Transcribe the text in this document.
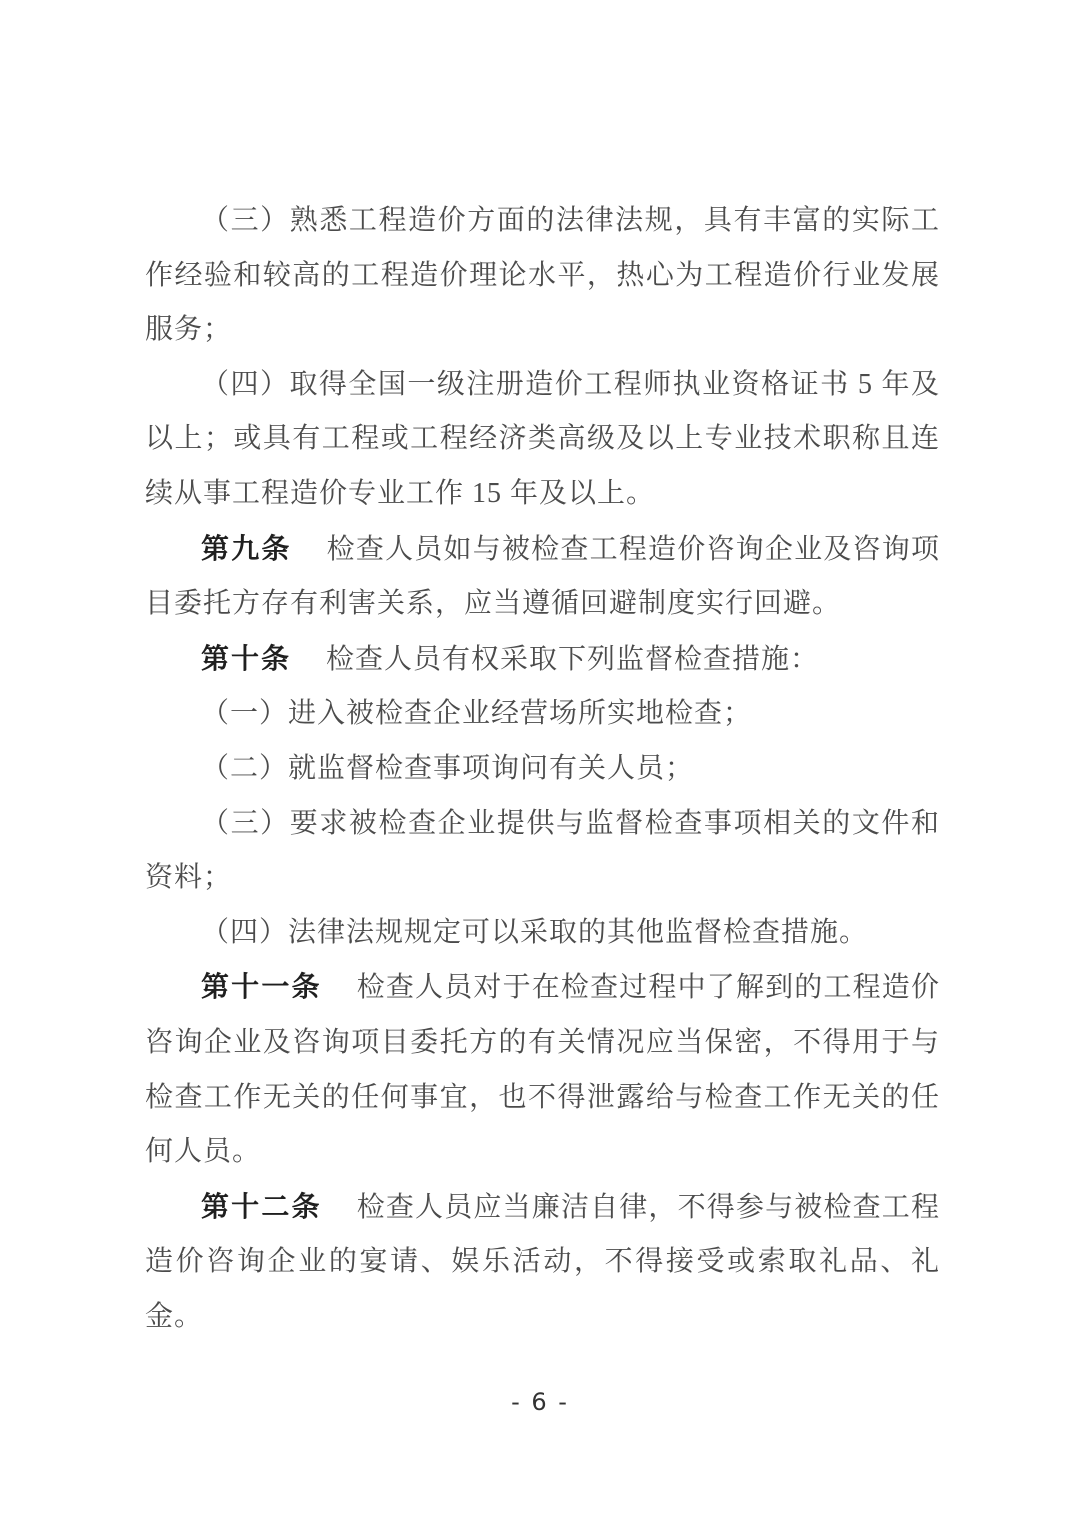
（三）熟悉工程造价方面的法律法规，具有丰富的实际工作经验和较高的工程造价理论水平，热心为工程造价行业发展服务；

（四）取得全国一级注册造价工程师执业资格证书 5 年及以上；或具有工程或工程经济类高级及以上专业技术职称且连续从事工程造价专业工作 15 年及以上。

第九条 检查人员如与被检查工程造价咨询企业及咨询项目委托方存有利害关系，应当遵循回避制度实行回避。

第十条 检查人员有权采取下列监督检查措施：

（一）进入被检查企业经营场所实地检查；

（二）就监督检查事项询问有关人员；

（三）要求被检查企业提供与监督检查事项相关的文件和资料；

（四）法律法规规定可以采取的其他监督检查措施。

第十一条 检查人员对于在检查过程中了解到的工程造价咨询企业及咨询项目委托方的有关情况应当保密，不得用于与检查工作无关的任何事宜，也不得泄露给与检查工作无关的任何人员。

第十二条 检查人员应当廉洁自律，不得参与被检查工程造价咨询企业的宴请、娱乐活动，不得接受或索取礼品、礼金。

- 6 -
